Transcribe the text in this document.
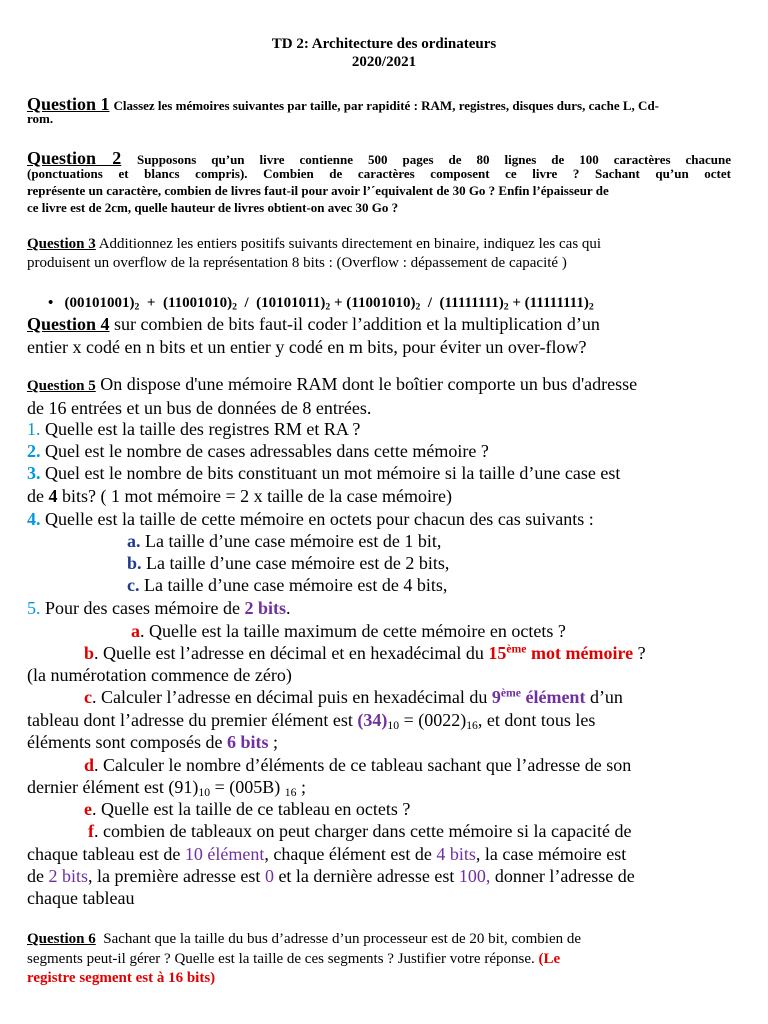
TD 2: Architecture des ordinateurs
2020/2021
Question 1 Classez les mémoires suivantes par taille, par rapidité : RAM, registres, disques durs, cache L, Cd-
rom.
Question 2 Supposons qu’un livre contienne 500 pages de 80 lignes de 100 caractères chacune
(ponctuations et blancs compris). Combien de caractères composent ce livre ? Sachant qu’un octet
représente un caractère, combien de livres faut-il pour avoir l’´equivalent de 30 Go ? Enfin l’épaisseur de
ce livre est de 2cm, quelle hauteur de livres obtient-on avec 30 Go ?
Question 3 Additionnez les entiers positifs suivants directement en binaire, indiquez les cas qui
produisent un overflow de la représentation 8 bits : (Overflow : dépassement de capacité )
• $(00101001)_2 + (11001010)_2 / (10101011)_2 + (11001010)_2 / (11111111)_2 + (11111111)_2$
Question 4 sur combien de bits faut-il coder l’addition et la multiplication d’un
entier x codé en n bits et un entier y codé en m bits, pour éviter un over-flow?
Question 5 On dispose d'une mémoire RAM dont le boîtier comporte un bus d'adresse
de 16 entrées et un bus de données de 8 entrées.
1. Quelle est la taille des registres RM et RA ?
2. Quel est le nombre de cases adressables dans cette mémoire ?
3. Quel est le nombre de bits constituant un mot mémoire si la taille d’une case est
de 4 bits? ( 1 mot mémoire = 2 x taille de la case mémoire)
4. Quelle est la taille de cette mémoire en octets pour chacun des cas suivants :
a. La taille d’une case mémoire est de 1 bit,
b. La taille d’une case mémoire est de 2 bits,
c. La taille d’une case mémoire est de 4 bits,
5. Pour des cases mémoire de 2 bits.
a. Quelle est la taille maximum de cette mémoire en octets ?
b. Quelle est l’adresse en décimal et en hexadécimal du 15ème mot mémoire ?
(la numérotation commence de zéro)
c. Calculer l’adresse en décimal puis en hexadécimal du 9ème élément d’un
tableau dont l’adresse du premier élément est $(34)_{10} = (0022)_{16}$, et dont tous les
éléments sont composés de 6 bits ;
d. Calculer le nombre d’éléments de ce tableau sachant que l’adresse de son
dernier élément est $(91)_{10} = (005B)$ $_{16}$ ;
e. Quelle est la taille de ce tableau en octets ?
f. combien de tableaux on peut charger dans cette mémoire si la capacité de
chaque tableau est de 10 élément, chaque élément est de 4 bits, la case mémoire est
de 2 bits, la première adresse est 0 et la dernière adresse est 100, donner l’adresse de
chaque tableau
Question 6 Sachant que la taille du bus d’adresse d’un processeur est de 20 bit, combien de
segments peut-il gérer ? Quelle est la taille de ces segments ? Justifier votre réponse. (Le
registre segment est à 16 bits)
